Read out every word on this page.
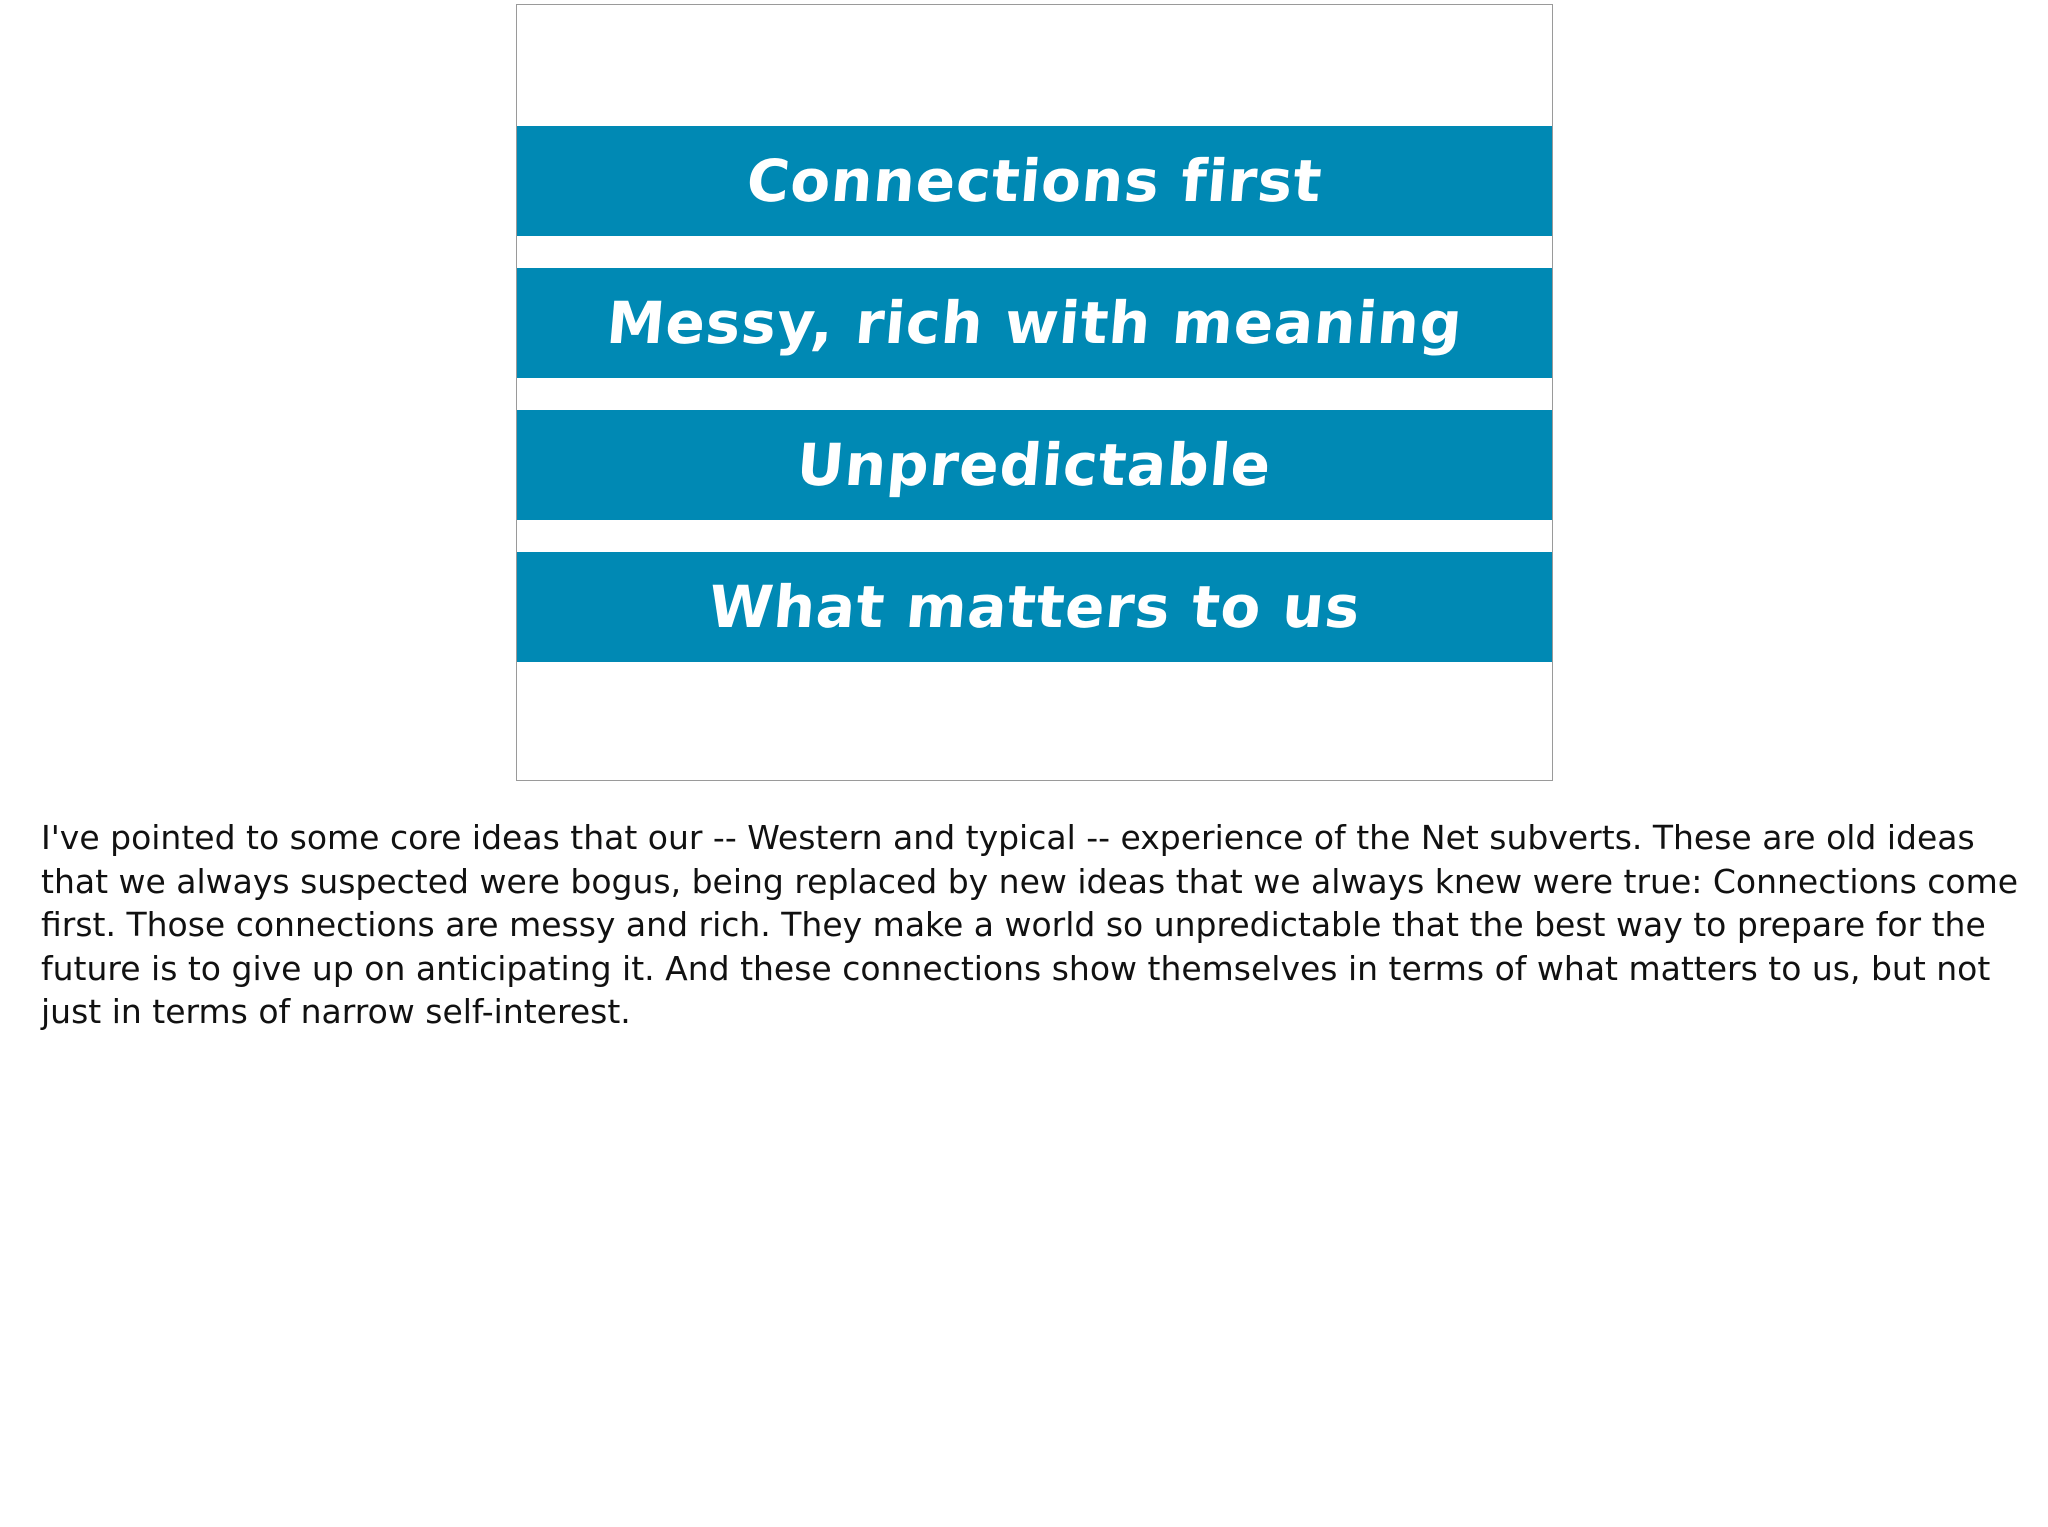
Connections first
Messy, rich with meaning
Unpredictable
What matters to us

I've pointed to some core ideas that our -- Western and typical -- experience of the Net subverts. These are old ideas that we always suspected were bogus, being replaced by new ideas that we always knew were true: Connections come first. Those connections are messy and rich. They make a world so unpredictable that the best way to prepare for the future is to give up on anticipating it. And these connections show themselves in terms of what matters to us, but not just in terms of narrow self-interest.
